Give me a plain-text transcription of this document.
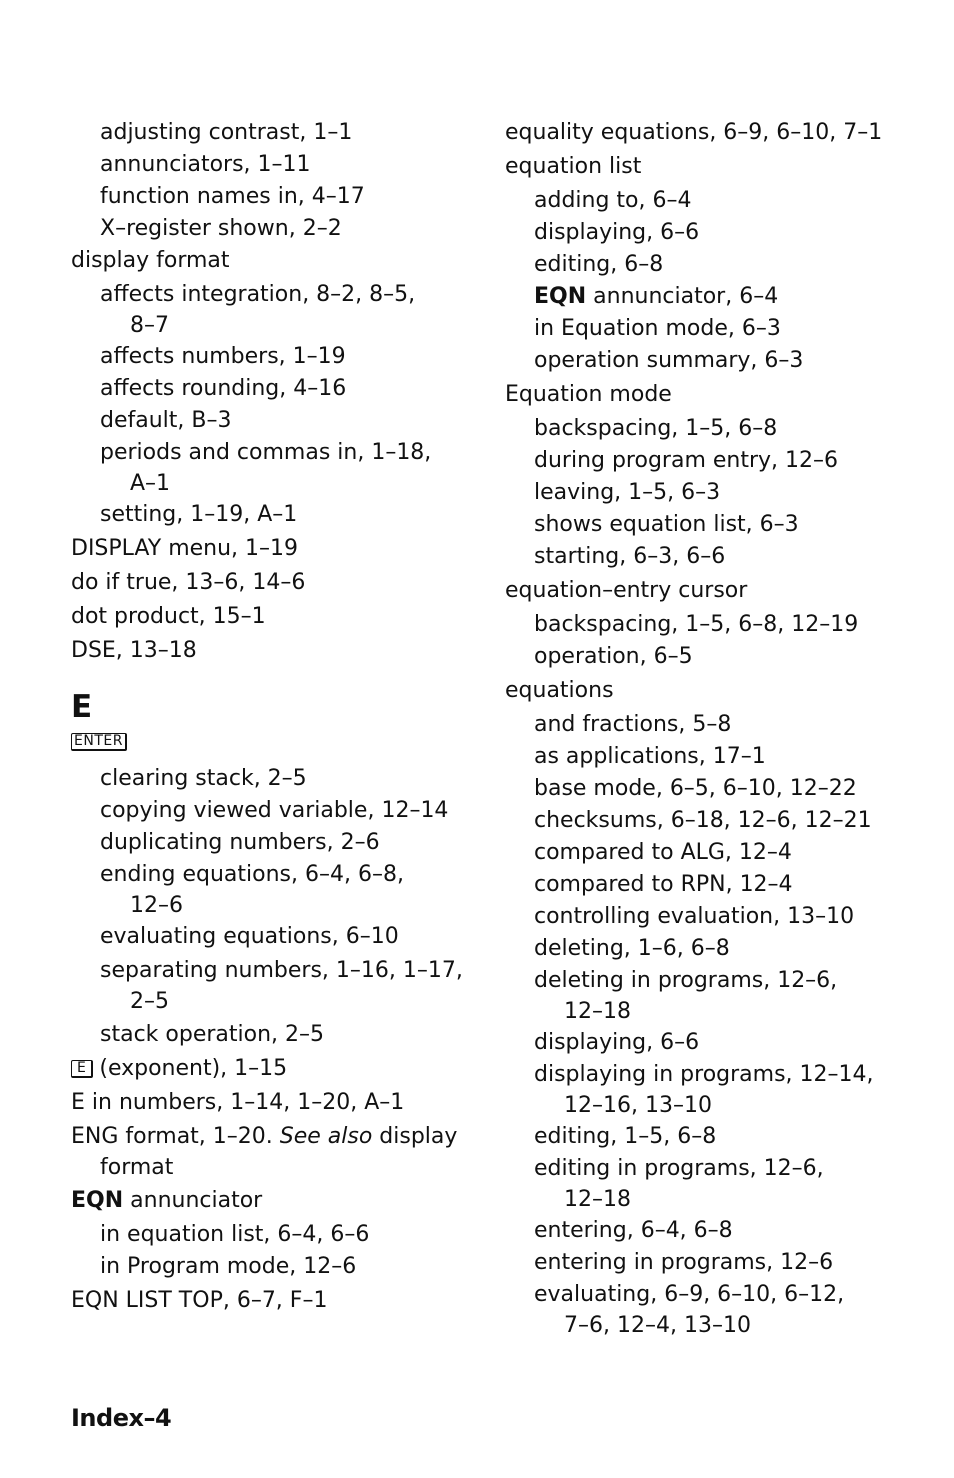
adjusting contrast, 1–1
annunciators, 1–11
function names in, 4–17
X–register shown, 2–2
display format
affects integration, 8–2, 8–5,
8–7
affects numbers, 1–19
affects rounding, 4–16
default, B–3
periods and commas in, 1–18,
A–1
setting, 1–19, A–1
DISPLAY menu, 1–19
do if true, 13–6, 14–6
dot product, 15–1
DSE, 13–18
E
ENTER
clearing stack, 2–5
copying viewed variable, 12–14
duplicating numbers, 2–6
ending equations, 6–4, 6–8,
12–6
evaluating equations, 6–10
separating numbers, 1–16, 1–17,
2–5
stack operation, 2–5
E (exponent), 1–15
E in numbers, 1–14, 1–20, A–1
ENG format, 1–20. See also display
format
EQN annunciator
in equation list, 6–4, 6–6
in Program mode, 12–6
EQN LIST TOP, 6–7, F–1
equality equations, 6–9, 6–10, 7–1
equation list
adding to, 6–4
displaying, 6–6
editing, 6–8
EQN annunciator, 6–4
in Equation mode, 6–3
operation summary, 6–3
Equation mode
backspacing, 1–5, 6–8
during program entry, 12–6
leaving, 1–5, 6–3
shows equation list, 6–3
starting, 6–3, 6–6
equation–entry cursor
backspacing, 1–5, 6–8, 12–19
operation, 6–5
equations
and fractions, 5–8
as applications, 17–1
base mode, 6–5, 6–10, 12–22
checksums, 6–18, 12–6, 12–21
compared to ALG, 12–4
compared to RPN, 12–4
controlling evaluation, 13–10
deleting, 1–6, 6–8
deleting in programs, 12–6,
12–18
displaying, 6–6
displaying in programs, 12–14,
12–16, 13–10
editing, 1–5, 6–8
editing in programs, 12–6,
12–18
entering, 6–4, 6–8
entering in programs, 12–6
evaluating, 6–9, 6–10, 6–12,
7–6, 12–4, 13–10
Index–4
